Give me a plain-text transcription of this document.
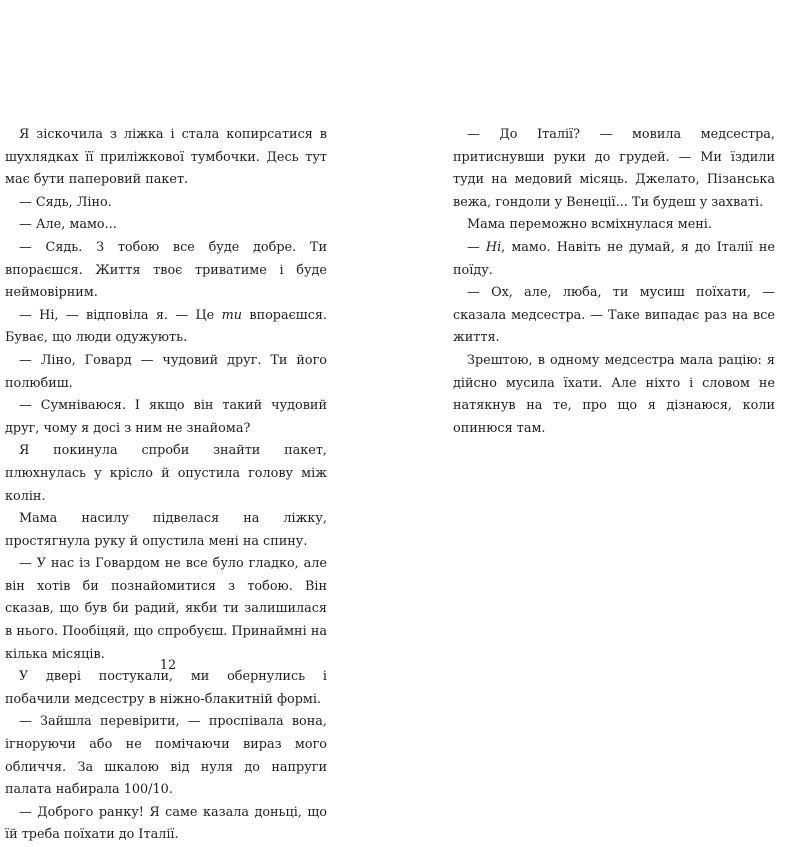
Я зіскочила з ліжка і стала копирсатися в шухлядках її приліжкової тумбочки. Десь тут має бути паперовий пакет.

— Сядь, Ліно.

— Але, мамо...

— Сядь. З тобою все буде добре. Ти впораєшся. Життя твоє триватиме і буде неймовірним.

— Ні, — відповіла я. — Це ти впораєшся. Буває, що люди одужують.

— Ліно, Говард — чудовий друг. Ти його полюбиш.

— Сумніваюся. І якщо він такий чудовий друг, чому я досі з ним не знайома?

Я покинула спроби знайти пакет, плюхнулась у крісло й опустила голову між колін.

Мама насилу підвелася на ліжку, простягнула руку й опустила мені на спину.

— У нас із Говардом не все було гладко, але він хотів би познайомитися з тобою. Він сказав, що був би радий, якби ти залишилася в нього. Пообіцяй, що спробуєш. Принаймні на кілька місяців.

У двері постукали, ми обернулись і побачили медсестру в ніжно-блакитній формі.

— Зайшла перевірити, — проспівала вона, ігноруючи або не помічаючи вираз мого обличчя. За шкалою від нуля до напруги палата набирала 100/10.

— Доброго ранку! Я саме казала доньці, що їй треба поїхати до Італії.

12

— До Італії? — мовила медсестра, притиснувши руки до грудей. — Ми їздили туди на медовий місяць. Джелато, Пізанська вежа, гондоли у Венеції... Ти будеш у захваті.

Мама переможно всміхнулася мені.

— Ні, мамо. Навіть не думай, я до Італії не поїду.

— Ох, але, люба, ти мусиш поїхати, — сказала медсестра. — Таке випадає раз на все життя.

Зрештою, в одному медсестра мала рацію: я дійсно мусила їхати. Але ніхто і словом не натякнув на те, про що я дізнаюся, коли опинюся там.
